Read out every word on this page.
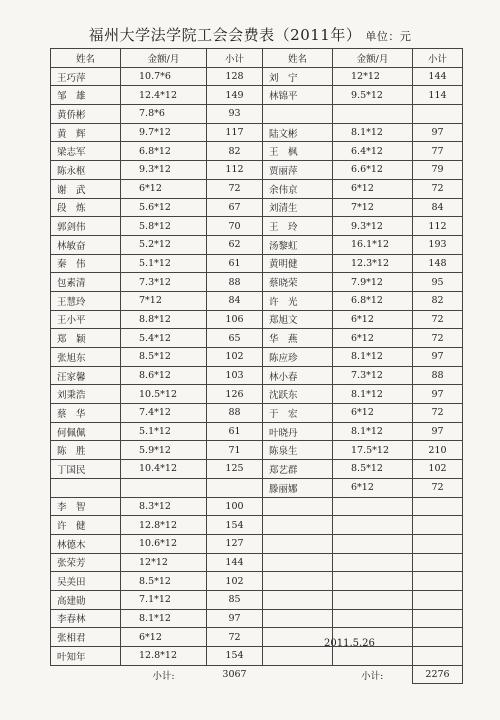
福州大学法学院工会会费表（2011年） 单位：元
姓名	金额/月	小计	姓名	金额/月	小计
王巧萍	10.7*6	128	刘　宁	12*12	144
邹　雄	12.4*12	149	林锦平	9.5*12	114
黄侨彬	7.8*6	93			
黄　辉	9.7*12	117	陆文彬	8.1*12	97
梁志军	6.8*12	82	王　枫	6.4*12	77
陈永枢	9.3*12	112	贾丽萍	6.6*12	79
谢　武	6*12	72	余伟京	6*12	72
段　炼	5.6*12	67	刘清生	7*12	84
郭剑伟	5.8*12	70	王　玲	9.3*12	112
林敏奋	5.2*12	62	汤黎虹	16.1*12	193
秦　伟	5.1*12	61	黄明健	12.3*12	148
包素清	7.3*12	88	蔡晓荣	7.9*12	95
王慧玲	7*12	84	许　光	6.8*12	82
王小平	8.8*12	106	郑旭文	6*12	72
郑　颖	5.4*12	65	华　燕	6*12	72
张旭东	8.5*12	102	陈应珍	8.1*12	97
汪家馨	8.6*12	103	林小春	7.3*12	88
刘秉浩	10.5*12	126	沈跃东	8.1*12	97
蔡　华	7.4*12	88	于　宏	6*12	72
何佩佩	5.1*12	61	叶晓丹	8.1*12	97
陈　胜	5.9*12	71	陈泉生	17.5*12	210
丁国民	10.4*12	125	郑艺群	8.5*12	102
			滕丽娜	6*12	72
李　智	8.3*12	100			
许　健	12.8*12	154			
林德木	10.6*12	127			
张荣芳	12*12	144			
吴美田	8.5*12	102			
高建勋	7.1*12	85			
李春林	8.1*12	97			
张相君	6*12	72			
叶知年	12.8*12	154			
	小计:	3067		小计:	2276
2011.5.26
